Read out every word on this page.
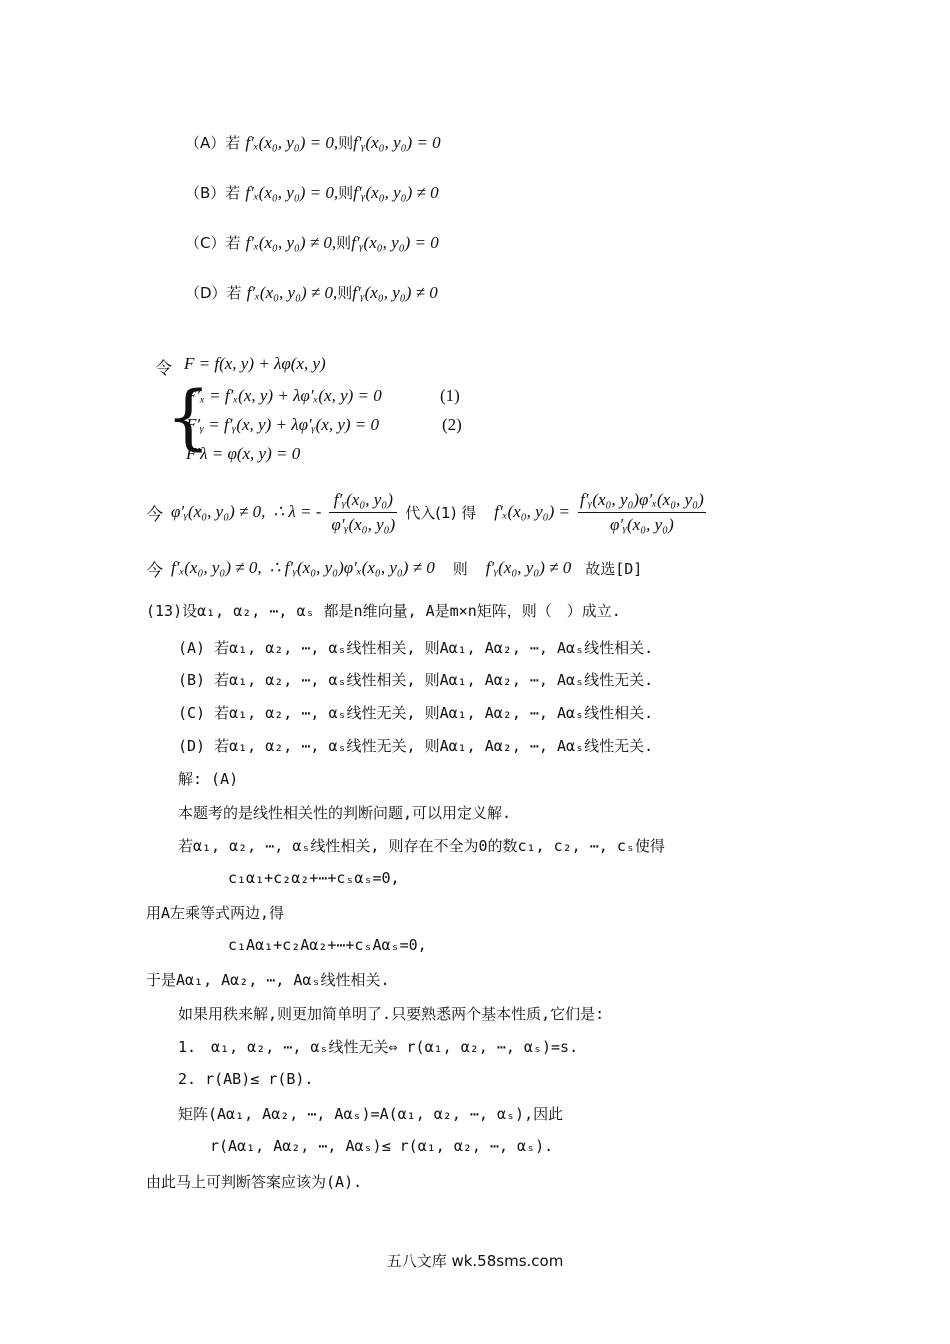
（A）若 f′ₓ(x₀, y₀) = 0,则f′ᵧ(x₀, y₀) = 0
（B）若 f′ₓ(x₀, y₀) = 0,则f′ᵧ(x₀, y₀) ≠ 0
（C）若 f′ₓ(x₀, y₀) ≠ 0,则f′ᵧ(x₀, y₀) = 0
（D）若 f′ₓ(x₀, y₀) ≠ 0,则f′ᵧ(x₀, y₀) ≠ 0
令 F = f(x, y) + λφ(x, y)
{
F′ₓ = f′ₓ(x, y) + λφ′ₓ(x, y) = 0	(1)
F′ᵧ = f′ᵧ(x, y) + λφ′ᵧ(x, y) = 0	(2)
F′λ = φ(x, y) = 0
今 φ′ᵧ(x₀, y₀) ≠ 0, ∴ λ = - $\frac{\text{f′ᵧ(x₀, y₀)}}{\text{φ′ᵧ(x₀, y₀)}}$ 代入(1) 得 f′ₓ(x₀, $y_0) = \frac{\text{f′ᵧ(x₀, y₀)φ′ₓ(x₀, y₀)}}{\text{φ′ᵧ(x₀, y₀)}}$
今 f′ₓ(x₀, y₀) ≠ 0, ∴ f′ᵧ(x₀, y₀)φ′ₓ(x₀, y₀) ≠ 0 则 f′ᵧ(x₀, y₀) ≠ 0 故选[D]
(13)设α₁, α₂, ⋯, αₛ 都是n维向量, A是m×n矩阵，则（　）成立.
(A) 若α₁, α₂, ⋯, αₛ线性相关, 则Aα₁, Aα₂, ⋯, Aαₛ线性相关.
(B) 若α₁, α₂, ⋯, αₛ线性相关, 则Aα₁, Aα₂, ⋯, Aαₛ线性无关.
(C) 若α₁, α₂, ⋯, αₛ线性无关, 则Aα₁, Aα₂, ⋯, Aαₛ线性相关.
(D) 若α₁, α₂, ⋯, αₛ线性无关, 则Aα₁, Aα₂, ⋯, Aαₛ线性无关.
解: (A)
本题考的是线性相关性的判断问题,可以用定义解.
若α₁, α₂, ⋯, αₛ线性相关, 则存在不全为0的数c₁, c₂, ⋯, cₛ使得
c₁α₁+c₂α₂+⋯+cₛαₛ=0,
用A左乘等式两边,得
c₁Aα₁+c₂Aα₂+⋯+cₛAαₛ=0,
于是Aα₁, Aα₂, ⋯, Aαₛ线性相关.
如果用秩来解,则更加简单明了.只要熟悉两个基本性质,它们是:
1.　α₁, α₂, ⋯, αₛ线性无关⇔ r(α₁, α₂, ⋯, αₛ)=s.
2. r(AB)≤ r(B).
矩阵(Aα₁, Aα₂, ⋯, Aαₛ)=A(α₁, α₂, ⋯, αₛ),因此
r(Aα₁, Aα₂, ⋯, Aαₛ)≤ r(α₁, α₂, ⋯, αₛ).
由此马上可判断答案应该为(A).
五八文库 wk.58sms.com
